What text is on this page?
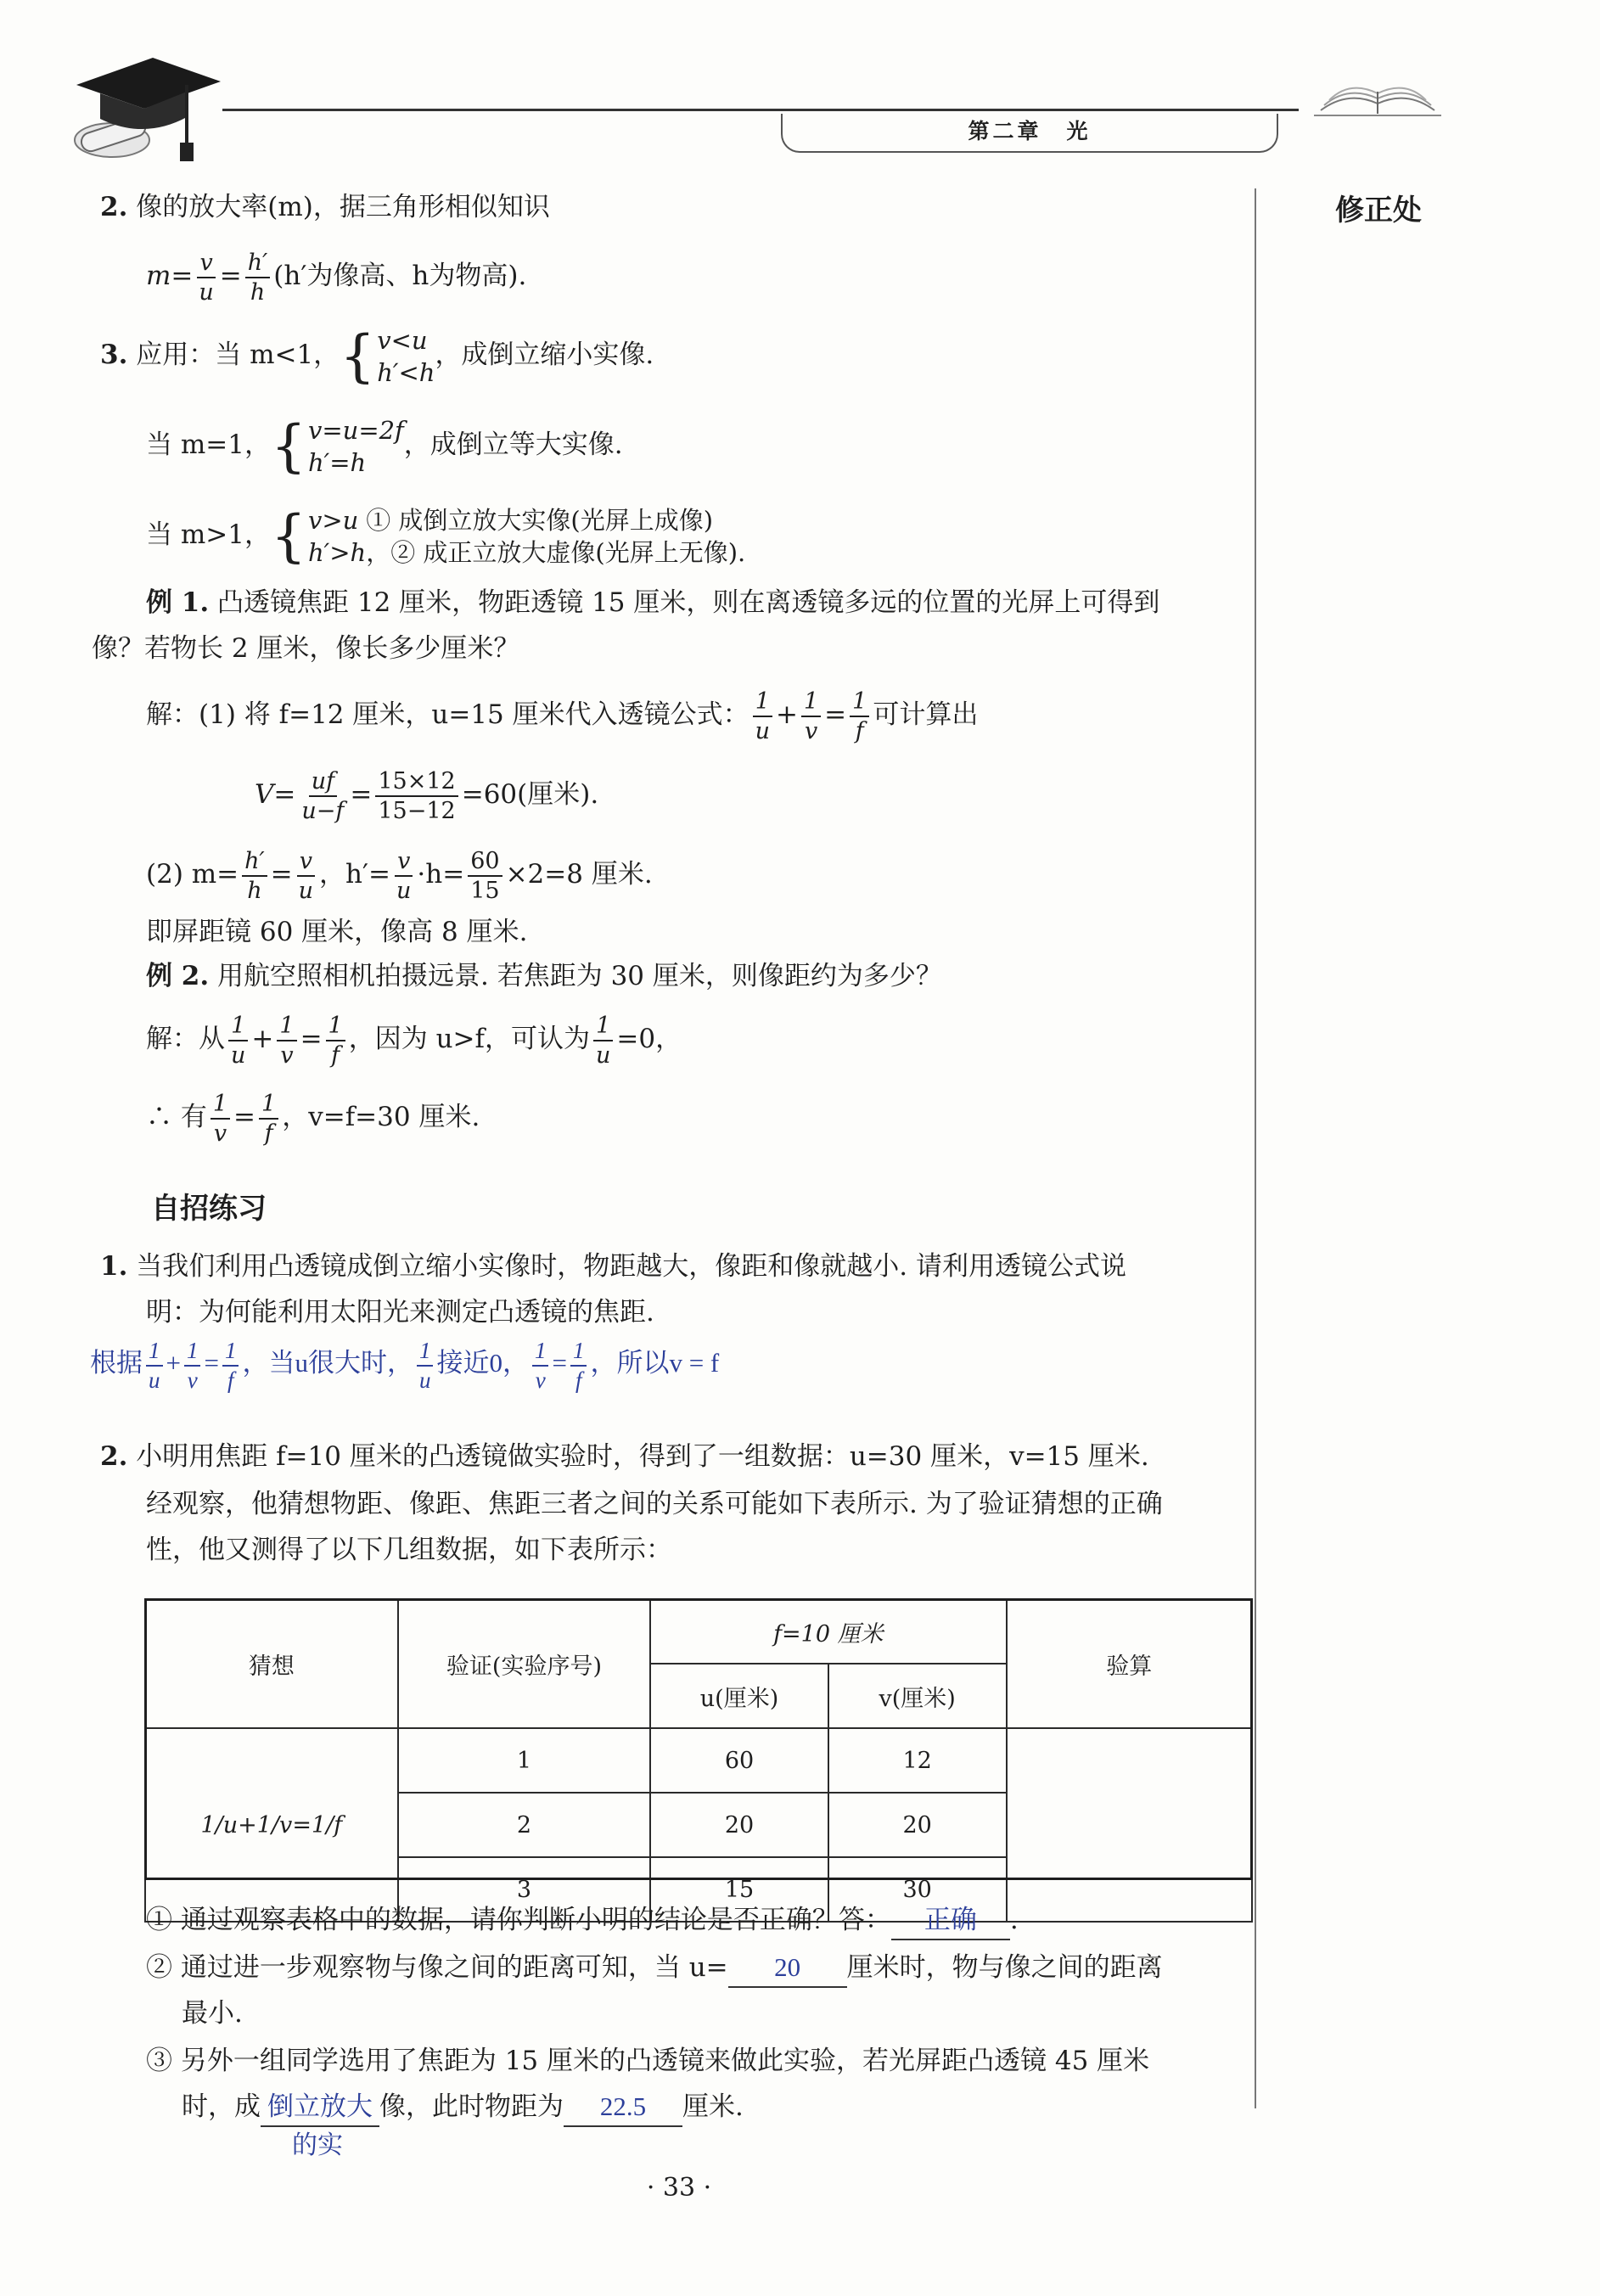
第二章　光
修正处
2. 像的放大率(m)，据三角形相似知识
$m= \frac{v}{u} = \frac{h'}{h} (h'$为像高、h为物高).
3. 应用：当 m<1，{ v<u
h′<h
，成倒立缩小实像.
当 m=1，{ v=u=2f
h′=h
，成倒立等大实像.
当 m>1，{ v>u
h′>h
① 成倒立放大实像(光屏上成像)
，② 成正立放大虚像(光屏上无像).
例 1. 凸透镜焦距 12 厘米，物距透镜 15 厘米，则在离透镜多远的位置的光屏上可得到
像？若物长 2 厘米，像长多少厘米？
解：(1) 将 f=12 厘米，u=15 厘米代入透镜公式： $\frac{1}{u} + \frac{1}{v} = \frac{1}{f}$ 可计算出
$V= \frac{uf}{u-f} = \frac{15\times 12}{15-12} =60$(厘米).
(2) $m= \frac{h'}{h} = \frac{v}{u}$ ，$h'= \frac{v}{u} \cdot h= \frac{60}{15} \times 2=8$ 厘米.
即屏距镜 60 厘米，像高 8 厘米.
例 2. 用航空照相机拍摄远景. 若焦距为 30 厘米，则像距约为多少？
解：从 $\frac{1}{u} + \frac{1}{v} = \frac{1}{f}$ ，因为 u>f，可认为 $\frac{1}{u} =0$，
∴ 有 $\frac{1}{v} = \frac{1}{f}$ ，v=f=30 厘米.
自招练习
1. 当我们利用凸透镜成倒立缩小实像时，物距越大，像距和像就越小. 请利用透镜公式说
明：为何能利用太阳光来测定凸透镜的焦距.
根据 $\frac{1}{u} + \frac{1}{v} = \frac{1}{f}$ ，当u很大时， $\frac{1}{u}$ 接近0， $\frac{1}{v} = \frac{1}{f}$ ，所以v = f
2. 小明用焦距 f=10 厘米的凸透镜做实验时，得到了一组数据：u=30 厘米，v=15 厘米.
经观察，他猜想物距、像距、焦距三者之间的关系可能如下表所示. 为了验证猜想的正确
性，他又测得了以下几组数据，如下表所示：
猜想	验证(实验序号)	f=10 厘米		验算
		u(厘米)	v(厘米)	
1/u+1/v=1/f	1	60	12	
	2	20	20	
	3	15	30	
① 通过观察表格中的数据，请你判断小明的结论是否正确？答： 正确 .
② 通过进一步观察物与像之间的距离可知，当 u= 20 厘米时，物与像之间的距离
最小.
③ 另外一组同学选用了焦距为 15 厘米的凸透镜来做此实验，若光屏距凸透镜 45 厘米
时，成 倒立放大 像，此时物距为 22.5 厘米.
的实
· 33 ·
